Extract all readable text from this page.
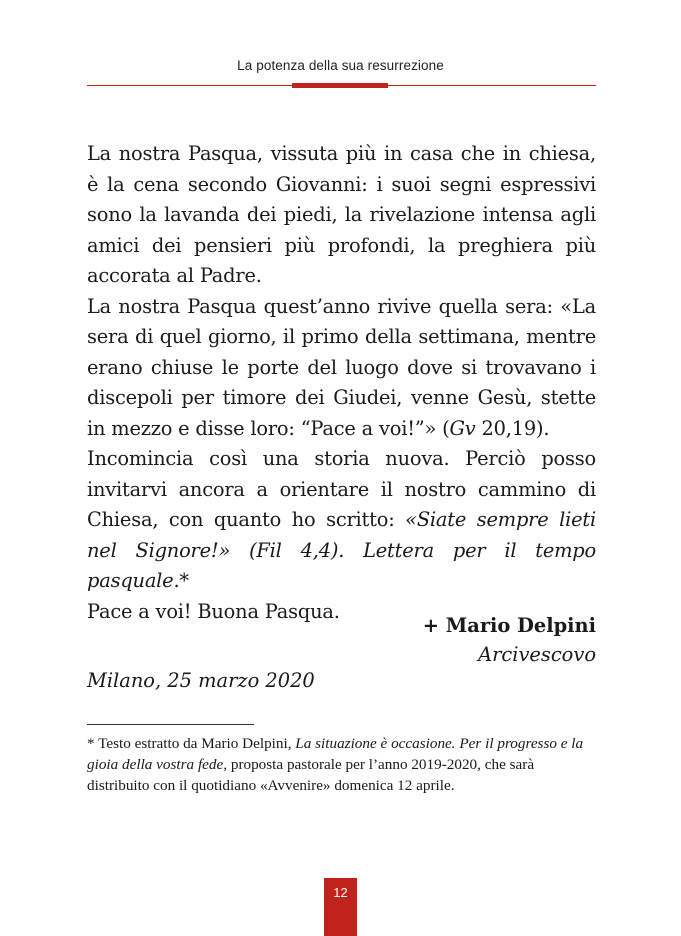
La potenza della sua resurrezione

La nostra Pasqua, vissuta più in casa che in chiesa, è la cena secondo Giovanni: i suoi segni espressivi sono la lavanda dei piedi, la rivelazione intensa agli amici dei pensieri più profondi, la preghiera più accorata al Padre.

La nostra Pasqua quest’anno rivive quella sera: «La sera di quel giorno, il primo della settimana, mentre erano chiuse le porte del luogo dove si trovavano i discepoli per timore dei Giudei, venne Gesù, stette in mezzo e disse loro: “Pace a voi!”» (Gv 20,19).

Incomincia così una storia nuova. Perciò posso invitarvi ancora a orientare il nostro cammino di Chiesa, con quanto ho scritto: «Siate sempre lieti nel Signore!» (Fil 4,4). Lettera per il tempo pasquale.*

Pace a voi! Buona Pasqua.

+ Mario Delpini
Arcivescovo
Milano, 25 marzo 2020

* Testo estratto da Mario Delpini, La situazione è occasione. Per il progresso e la gioia della vostra fede, proposta pastorale per l’anno 2019-2020, che sarà distribuito con il quotidiano «Avvenire» domenica 12 aprile.

12
